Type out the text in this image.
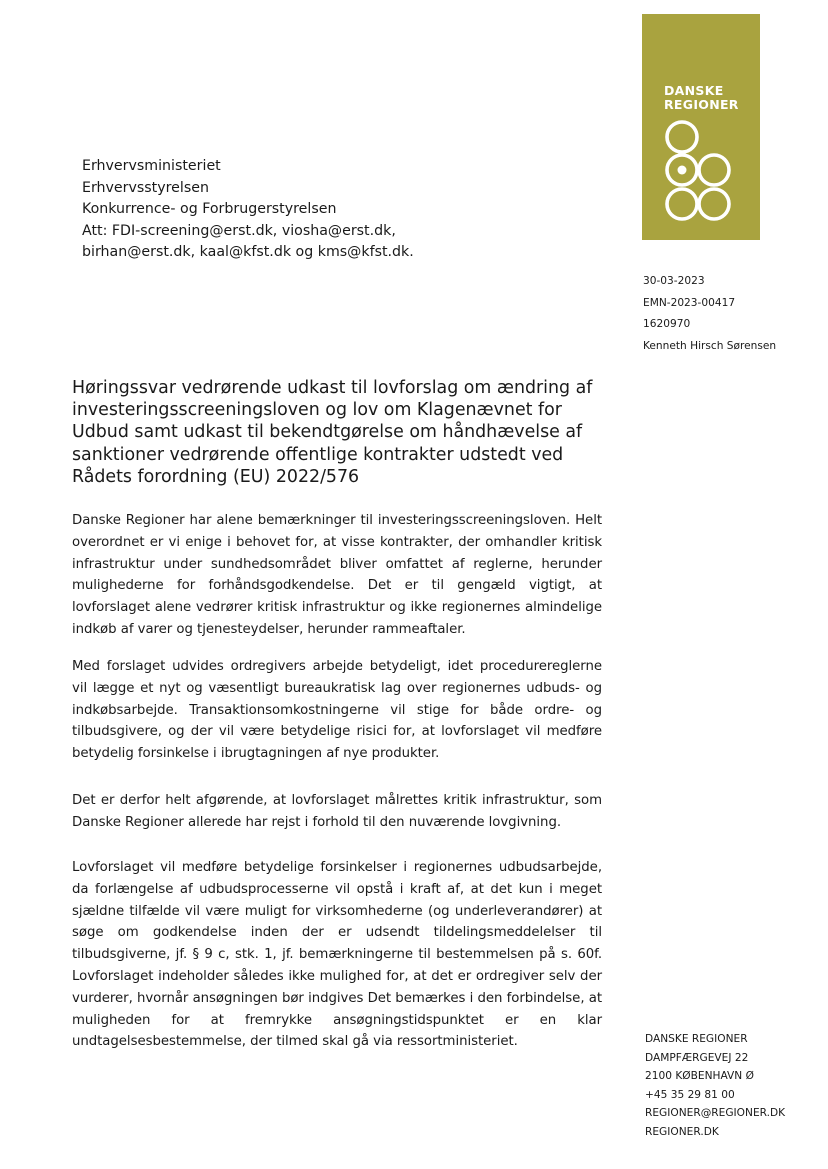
DANSKE
REGIONER
Erhvervsministeriet
Erhvervsstyrelsen
Konkurrence- og Forbrugerstyrelsen
Att: FDI-screening@erst.dk, viosha@erst.dk,
birhan@erst.dk, kaal@kfst.dk og kms@kfst.dk.
30-03-2023
EMN-2023-00417
1620970
Kenneth Hirsch Sørensen
Høringssvar vedrørende udkast til lovforslag om ændring af investeringsscreeningsloven og lov om Klagenævnet for Udbud samt udkast til bekendtgørelse om håndhævelse af sanktioner vedrørende offentlige kontrakter udstedt ved Rådets forordning (EU) 2022/576

Danske Regioner har alene bemærkninger til investeringsscreeningsloven. Helt overordnet er vi enige i behovet for, at visse kontrakter, der omhandler kritisk infrastruktur under sundhedsområdet bliver omfattet af reglerne, herunder mulighederne for forhåndsgodkendelse. Det er til gengæld vigtigt, at lovforslaget alene vedrører kritisk infrastruktur og ikke regionernes almindelige indkøb af varer og tjenesteydelser, herunder rammeaftaler.

Med forslaget udvides ordregivers arbejde betydeligt, idet procedurereglerne vil lægge et nyt og væsentligt bureaukratisk lag over regionernes udbuds- og indkøbsarbejde. Transaktionsomkostningerne vil stige for både ordre- og tilbudsgivere, og der vil være betydelige risici for, at lovforslaget vil medføre betydelig forsinkelse i ibrugtagningen af nye produkter.

Det er derfor helt afgørende, at lovforslaget målrettes kritik infrastruktur, som Danske Regioner allerede har rejst i forhold til den nuværende lovgivning.

Lovforslaget vil medføre betydelige forsinkelser i regionernes udbudsarbejde, da forlængelse af udbudsprocesserne vil opstå i kraft af, at det kun i meget sjældne tilfælde vil være muligt for virksomhederne (og underleverandører) at søge om godkendelse inden der er udsendt tildelingsmeddelelser til tilbudsgiverne, jf. § 9 c, stk. 1, jf. bemærkningerne til bestemmelsen på s. 60f. Lovforslaget indeholder således ikke mulighed for, at det er ordregiver selv der vurderer, hvornår ansøgningen bør indgives Det bemærkes i den forbindelse, at muligheden for at fremrykke ansøgningstidspunktet er en klar undtagelsesbestemmelse, der tilmed skal gå via ressortministeriet.	DANSKE REGIONER
DAMPFÆRGEVEJ 22
2100 KØBENHAVN Ø
+45 35 29 81 00
REGIONER@REGIONER.DK
REGIONER.DK
